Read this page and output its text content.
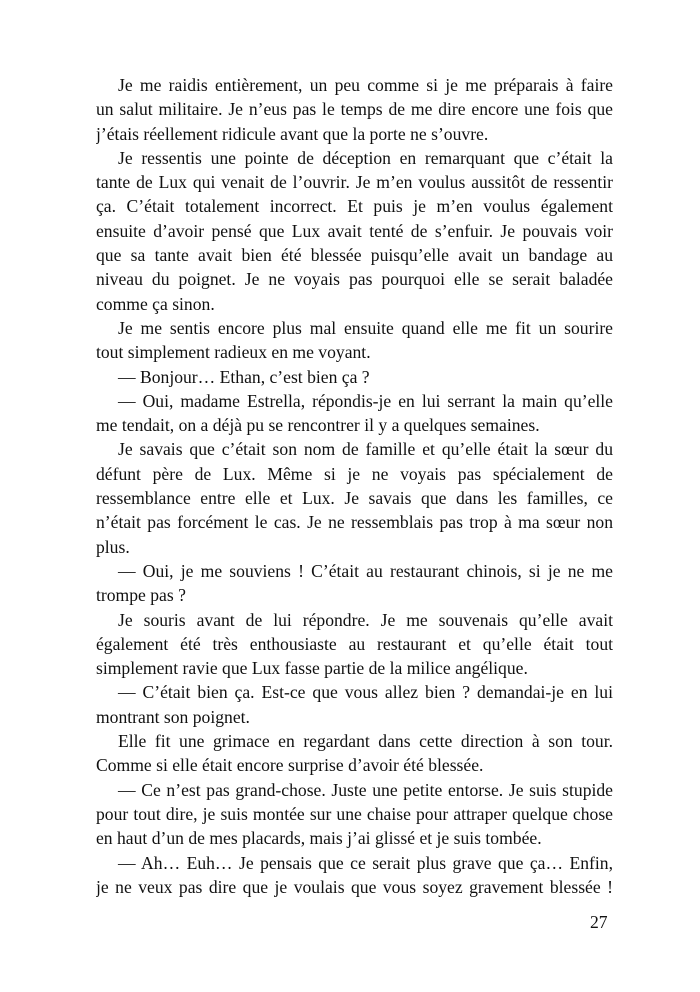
Je me raidis entièrement, un peu comme si je me préparais à faire
un salut militaire. Je n’eus pas le temps de me dire encore une fois que
j’étais réellement ridicule avant que la porte ne s’ouvre.
Je ressentis une pointe de déception en remarquant que c’était la
tante de Lux qui venait de l’ouvrir. Je m’en voulus aussitôt de ressentir
ça. C’était totalement incorrect. Et puis je m’en voulus également
ensuite d’avoir pensé que Lux avait tenté de s’enfuir. Je pouvais voir
que sa tante avait bien été blessée puisqu’elle avait un bandage au
niveau du poignet. Je ne voyais pas pourquoi elle se serait baladée
comme ça sinon.
Je me sentis encore plus mal ensuite quand elle me fit un sourire
tout simplement radieux en me voyant.
— Bonjour… Ethan, c’est bien ça ?
— Oui, madame Estrella, répondis-je en lui serrant la main qu’elle
me tendait, on a déjà pu se rencontrer il y a quelques semaines.
Je savais que c’était son nom de famille et qu’elle était la sœur du
défunt père de Lux. Même si je ne voyais pas spécialement de
ressemblance entre elle et Lux. Je savais que dans les familles, ce
n’était pas forcément le cas. Je ne ressemblais pas trop à ma sœur non
plus.
— Oui, je me souviens ! C’était au restaurant chinois, si je ne me
trompe pas ?
Je souris avant de lui répondre. Je me souvenais qu’elle avait
également été très enthousiaste au restaurant et qu’elle était tout
simplement ravie que Lux fasse partie de la milice angélique.
— C’était bien ça. Est-ce que vous allez bien ? demandai-je en lui
montrant son poignet.
Elle fit une grimace en regardant dans cette direction à son tour.
Comme si elle était encore surprise d’avoir été blessée.
— Ce n’est pas grand-chose. Juste une petite entorse. Je suis stupide
pour tout dire, je suis montée sur une chaise pour attraper quelque chose
en haut d’un de mes placards, mais j’ai glissé et je suis tombée.
— Ah… Euh… Je pensais que ce serait plus grave que ça… Enfin,
je ne veux pas dire que je voulais que vous soyez gravement blessée !
27
